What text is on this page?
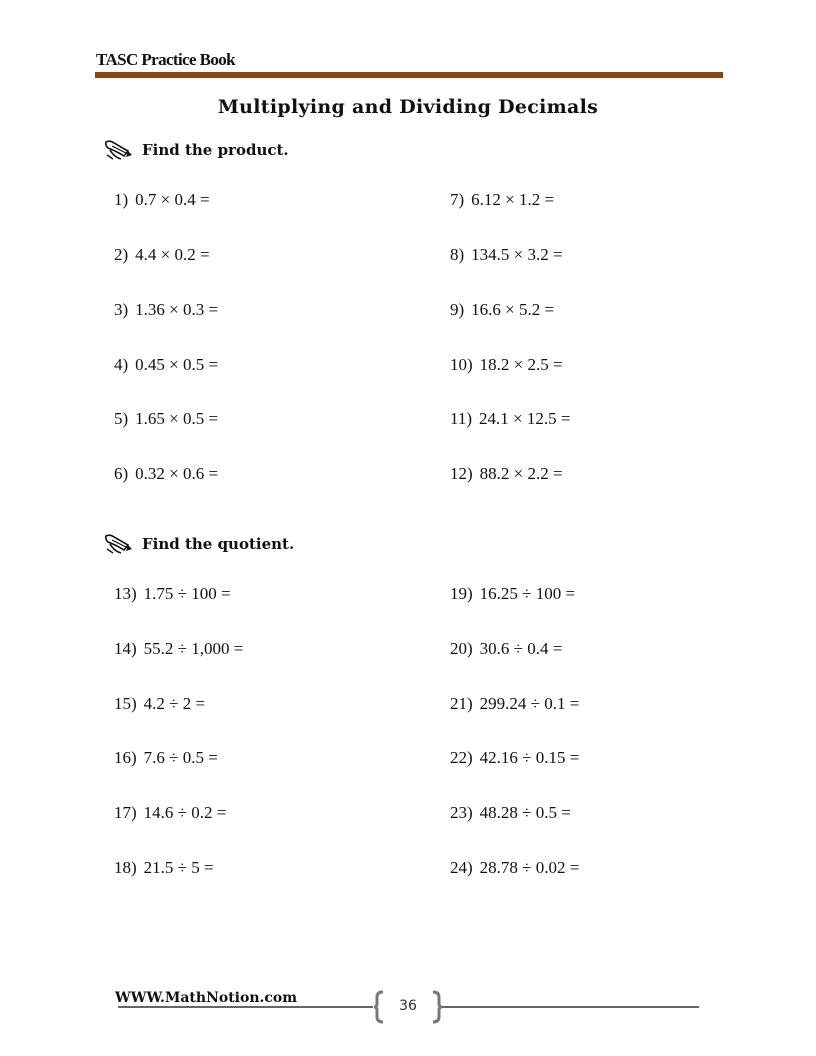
TASC Practice Book
Multiplying and Dividing Decimals
Find the product.
1) 0.7 × 0.4 =
2) 4.4 × 0.2 =
3) 1.36 × 0.3 =
4) 0.45 × 0.5 =
5) 1.65 × 0.5 =
6) 0.32 × 0.6 =
7) 6.12 × 1.2 =
8) 134.5 × 3.2 =
9) 16.6 × 5.2 =
10) 18.2 × 2.5 =
11) 24.1 × 12.5 =
12) 88.2 × 2.2 =
Find the quotient.
13) 1.75 ÷ 100 =
14) 55.2 ÷ 1,000 =
15) 4.2 ÷ 2 =
16) 7.6 ÷ 0.5 =
17) 14.6 ÷ 0.2 =
18) 21.5 ÷ 5 =
19) 16.25 ÷ 100 =
20) 30.6 ÷ 0.4 =
21) 299.24 ÷ 0.1 =
22) 42.16 ÷ 0.15 =
23) 48.28 ÷ 0.5 =
24) 28.78 ÷ 0.02 =
WWW.MathNotion.com	36
